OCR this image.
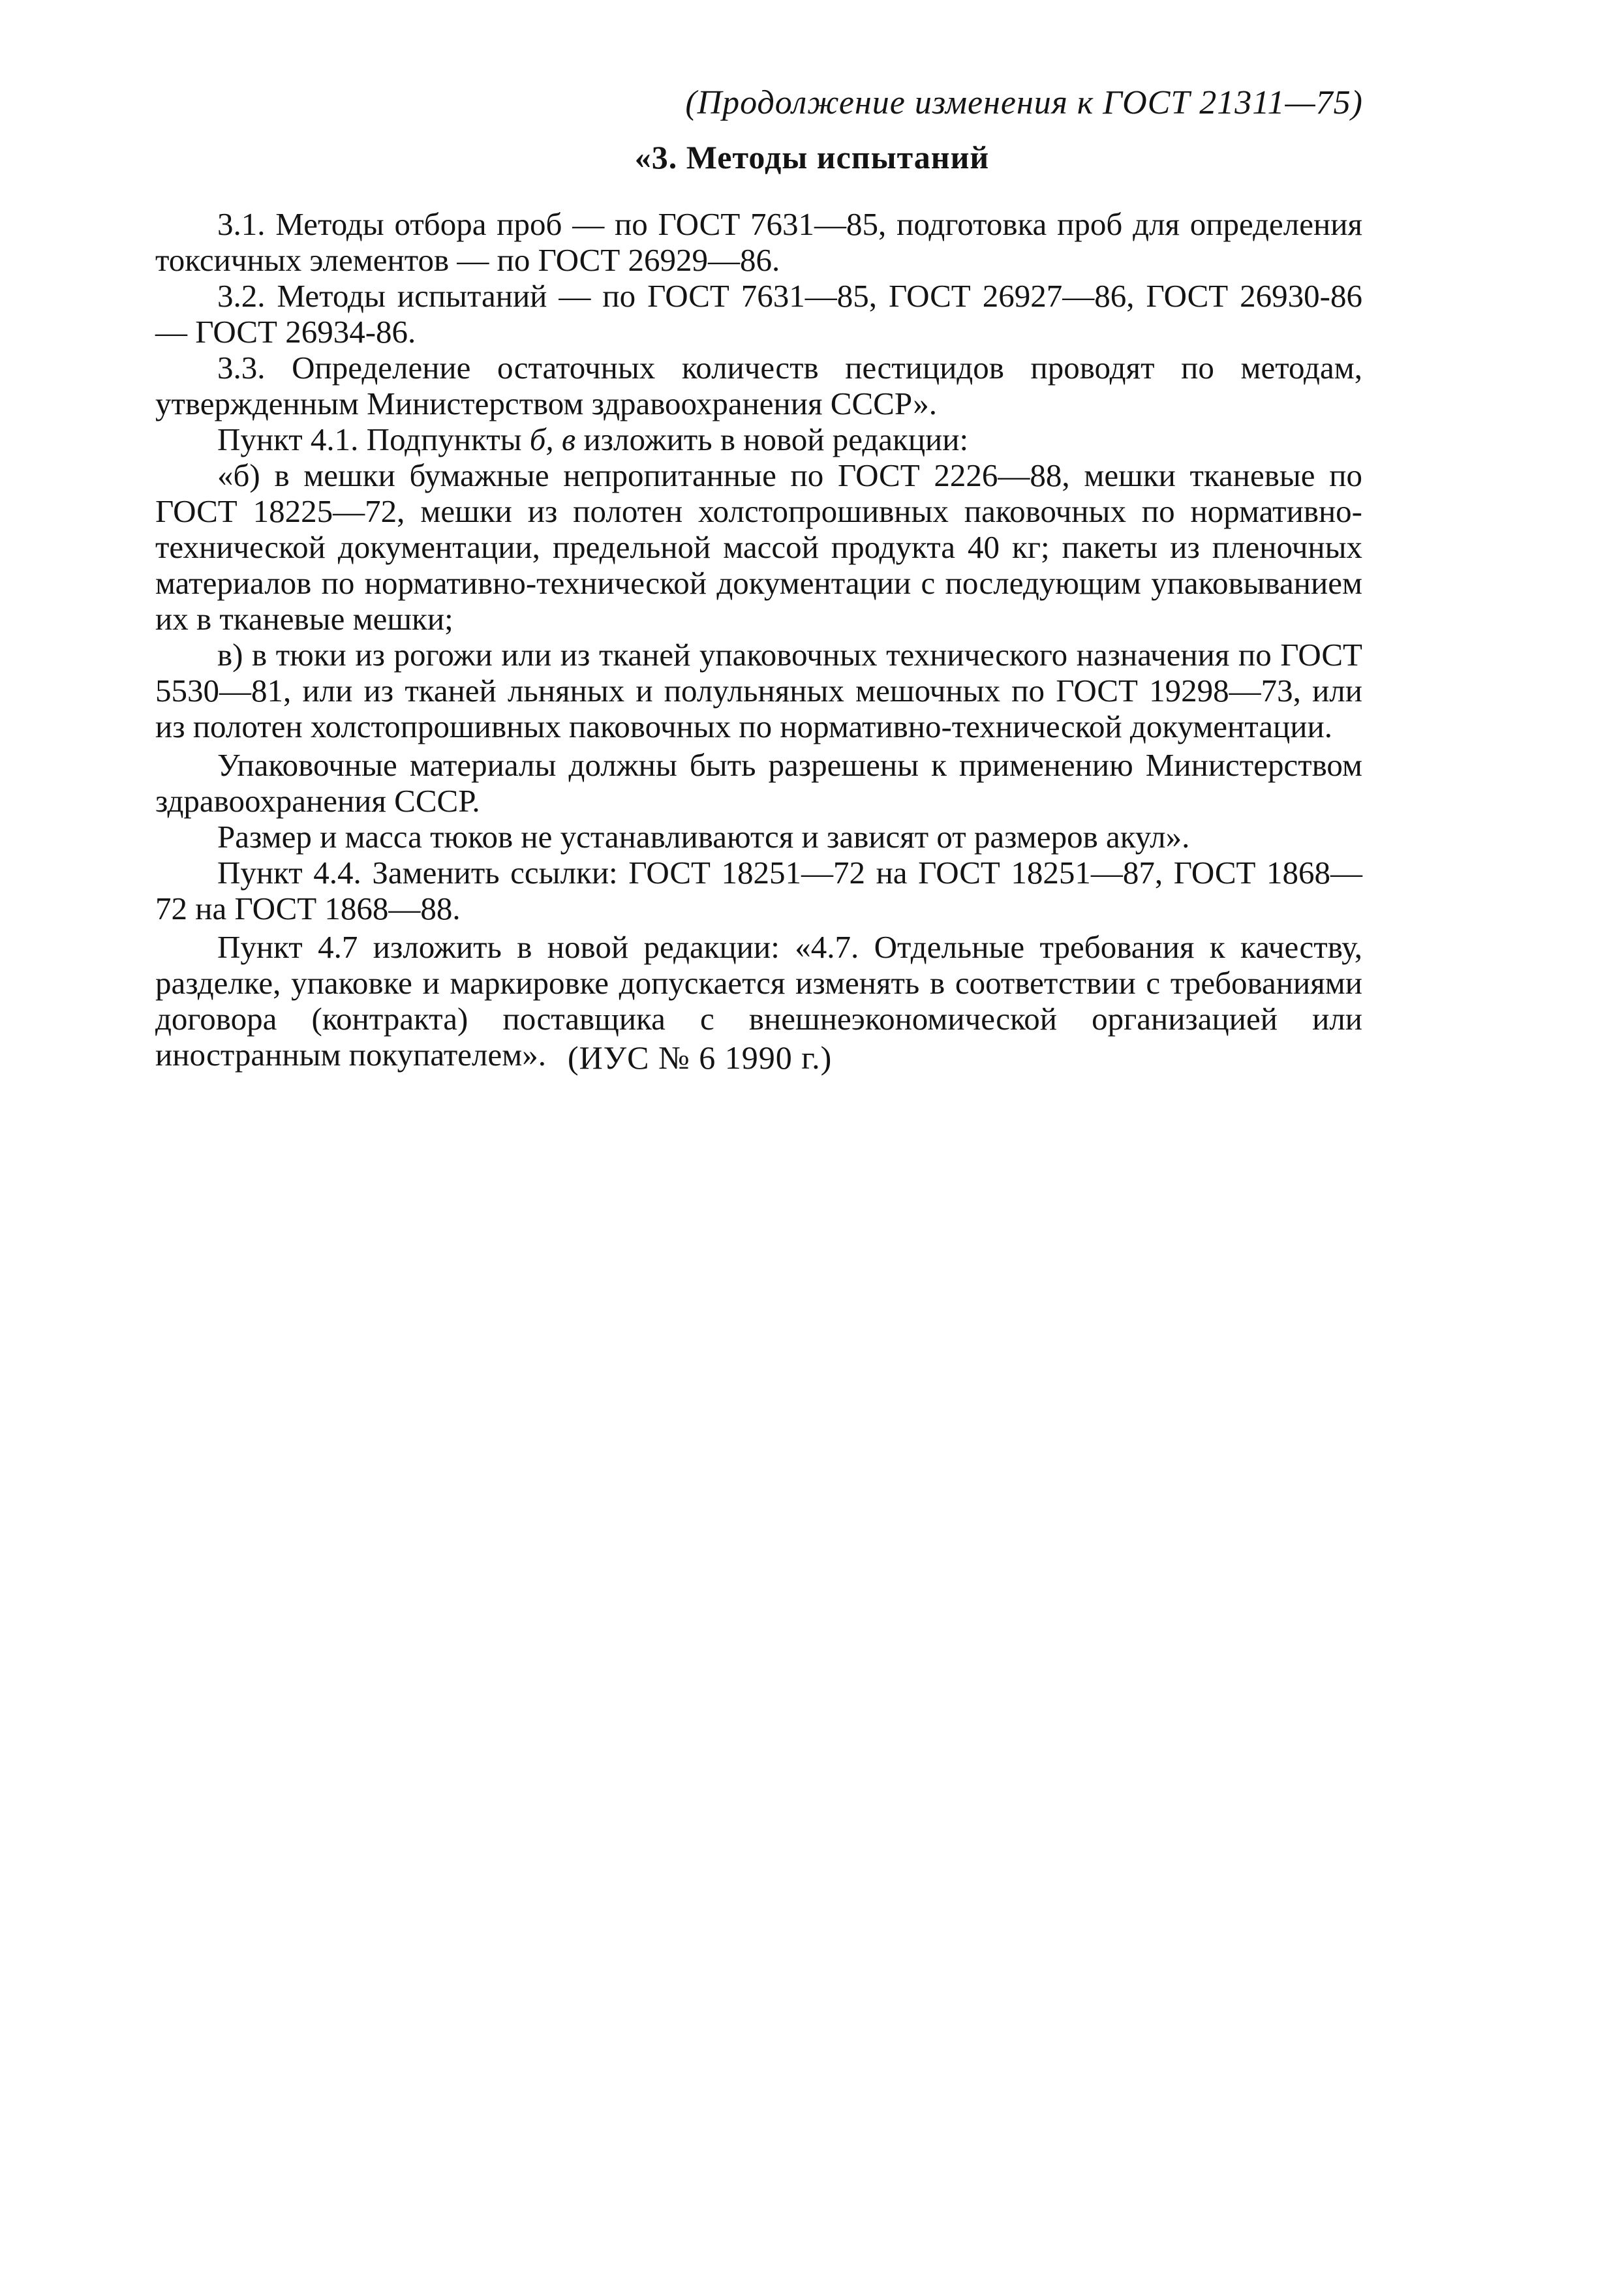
(Продолжение изменения к ГОСТ 21311—75)
«3. Методы испытаний

3.1. Методы отбора проб — по ГОСТ 7631—85, подготовка проб для определения токсичных элементов — по ГОСТ 26929—86.

3.2. Методы испытаний — по ГОСТ 7631—85, ГОСТ 26927—86, ГОСТ 26930-86 — ГОСТ 26934-86.

3.3. Определение остаточных количеств пестицидов проводят по методам, утвержденным Министерством здравоохранения СССР».

Пункт 4.1. Подпункты б, в изложить в новой редакции:

«б) в мешки бумажные непропитанные по ГОСТ 2226—88, мешки тканевые по ГОСТ 18225—72, мешки из полотен холстопрошивных паковочных по нормативно-технической документации, предельной массой продукта 40 кг; пакеты из пленочных материалов по нормативно-технической документации с последующим упаковыванием их в тканевые мешки;

в) в тюки из рогожи или из тканей упаковочных технического назначения по ГОСТ 5530—81, или из тканей льняных и полульняных мешочных по ГОСТ 19298—73, или из полотен холстопрошивных паковочных по нормативно-технической документации.

Упаковочные материалы должны быть разрешены к применению Министерством здравоохранения СССР.

Размер и масса тюков не устанавливаются и зависят от размеров акул».

Пункт 4.4. Заменить ссылки: ГОСТ 18251—72 на ГОСТ 18251—87, ГОСТ 1868—72 на ГОСТ 1868—88.

Пункт 4.7 изложить в новой редакции: «4.7. Отдельные требования к качеству, разделке, упаковке и маркировке допускается изменять в соответствии с требованиями договора (контракта) поставщика с внешнеэкономической организацией или иностранным покупателем». (ИУС № 6 1990 г.)
